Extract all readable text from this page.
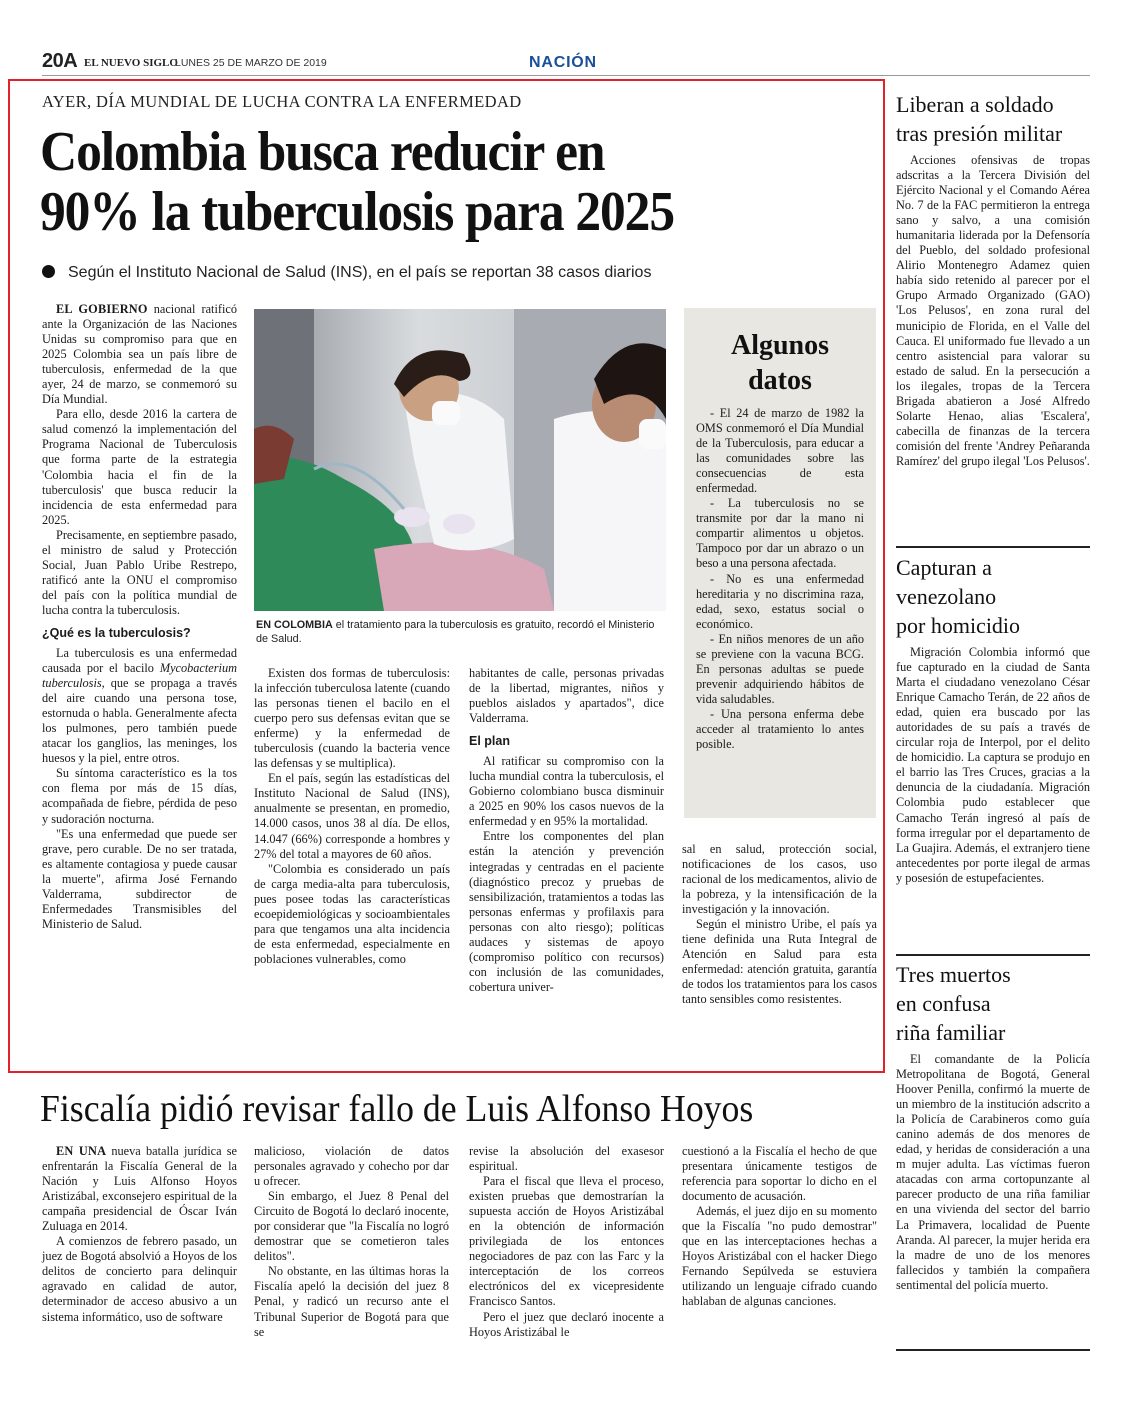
20A EL NUEVO SIGLO
LUNES 25 DE MARZO DE 2019	NACIÓN
AYER, DÍA MUNDIAL DE LUCHA CONTRA LA ENFERMEDAD
Colombia busca reducir en
90% la tuberculosis para 2025
Según el Instituto Nacional de Salud (INS), en el país se reportan 38 casos diarios

EL GOBIERNO nacional ratificó ante la Organización de las Naciones Unidas su compromiso para que en 2025 Colombia sea un país libre de tuberculosis, enfermedad de la que ayer, 24 de marzo, se conmemoró su Día Mundial.

Para ello, desde 2016 la cartera de salud comenzó la implementación del Programa Nacional de Tuberculosis que forma parte de la estrategia 'Colombia hacia el fin de la tuberculosis' que busca reducir la incidencia de esta enfermedad para 2025.

Precisamente, en septiembre pasado, el ministro de salud y Protección Social, Juan Pablo Uribe Restrepo, ratificó ante la ONU el compromiso del país con la política mundial de lucha contra la tuberculosis.

¿Qué es la tuberculosis?

La tuberculosis es una enfermedad causada por el bacilo Mycobacterium tuberculosis, que se propaga a través del aire cuando una persona tose, estornuda o habla. Generalmente afecta los pulmones, pero también puede atacar los ganglios, las meninges, los huesos y la piel, entre otros.

Su síntoma característico es la tos con flema por más de 15 días, acompañada de fiebre, pérdida de peso y sudoración nocturna.

"Es una enfermedad que puede ser grave, pero curable. De no ser tratada, es altamente contagiosa y puede causar la muerte", afirma José Fernando Valderrama, subdirector de Enfermedades Transmisibles del Ministerio de Salud.

EN COLOMBIA el tratamiento para la tuberculosis es gratuito, recordó el Ministerio de Salud.

Existen dos formas de tuberculosis: la infección tuberculosa latente (cuando las personas tienen el bacilo en el cuerpo pero sus defensas evitan que se enferme) y la enfermedad de tuberculosis (cuando la bacteria vence las defensas y se multiplica).

En el país, según las estadísticas del Instituto Nacional de Salud (INS), anualmente se presentan, en promedio, 14.000 casos, unos 38 al día. De ellos, 14.047 (66%) corresponde a hombres y 27% del total a mayores de 60 años.

"Colombia es considerado un país de carga media-alta para tuberculosis, pues posee todas las características ecoepidemiológicas y socioambientales para que tengamos una alta incidencia de esta enfermedad, especialmente en poblaciones vulnerables, como

habitantes de calle, personas privadas de la libertad, migrantes, niños y pueblos aislados y apartados", dice Valderrama.

El plan

Al ratificar su compromiso con la lucha mundial contra la tuberculosis, el Gobierno colombiano busca disminuir a 2025 en 90% los casos nuevos de la enfermedad y en 95% la mortalidad.

Entre los componentes del plan están la atención y prevención integradas y centradas en el paciente (diagnóstico precoz y pruebas de sensibilización, tratamientos a todas las personas enfermas y profilaxis para personas con alto riesgo); políticas audaces y sistemas de apoyo (compromiso político con recursos) con inclusión de las comunidades, cobertura univer-

Algunos
datos

- El 24 de marzo de 1982 la OMS conmemoró el Día Mundial de la Tuberculosis, para educar a las comunidades sobre las consecuencias de esta enfermedad.

- La tuberculosis no se transmite por dar la mano ni compartir alimentos u objetos. Tampoco por dar un abrazo o un beso a una persona afectada.

- No es una enfermedad hereditaria y no discrimina raza, edad, sexo, estatus social o económico.

- En niños menores de un año se previene con la vacuna BCG. En personas adultas se puede prevenir adquiriendo hábitos de vida saludables.

- Una persona enferma debe acceder al tratamiento lo antes posible.

sal en salud, protección social, notificaciones de los casos, uso racional de los medicamentos, alivio de la pobreza, y la intensificación de la investigación y la innovación.

Según el ministro Uribe, el país ya tiene definida una Ruta Integral de Atención en Salud para esta enfermedad: atención gratuita, garantía de todos los tratamientos para los casos tanto sensibles como resistentes.

Liberan a soldado
tras presión militar

Acciones ofensivas de tropas adscritas a la Tercera División del Ejército Nacional y el Comando Aérea No. 7 de la FAC permitieron la entrega sano y salvo, a una comisión humanitaria liderada por la Defensoría del Pueblo, del soldado profesional Alirio Montenegro Adamez quien había sido retenido al parecer por el Grupo Armado Organizado (GAO) 'Los Pelusos', en zona rural del municipio de Florida, en el Valle del Cauca. El uniformado fue llevado a un centro asistencial para valorar su estado de salud. En la persecución a los ilegales, tropas de la Tercera Brigada abatieron a José Alfredo Solarte Henao, alias 'Escalera', cabecilla de finanzas de la tercera comisión del frente 'Andrey Peñaranda Ramírez' del grupo ilegal 'Los Pelusos'.

Capturan a
venezolano
por homicidio

Migración Colombia informó que fue capturado en la ciudad de Santa Marta el ciudadano venezolano César Enrique Camacho Terán, de 22 años de edad, quien era buscado por las autoridades de su país a través de circular roja de Interpol, por el delito de homicidio. La captura se produjo en el barrio las Tres Cruces, gracias a la denuncia de la ciudadanía. Migración Colombia pudo establecer que Camacho Terán ingresó al país de forma irregular por el departamento de La Guajira. Además, el extranjero tiene antecedentes por porte ilegal de armas y posesión de estupefacientes.

Tres muertos
en confusa
riña familiar

El comandante de la Policía Metropolitana de Bogotá, General Hoover Penilla, confirmó la muerte de un miembro de la institución adscrito a la Policía de Carabineros como guía canino además de dos menores de edad, y heridas de consideración a una m mujer adulta. Las víctimas fueron atacadas con arma cortopunzante al parecer producto de una riña familiar en una vivienda del sector del barrio La Primavera, localidad de Puente Aranda. Al parecer, la mujer herida era la madre de uno de los menores fallecidos y también la compañera sentimental del policía muerto.

Fiscalía pidió revisar fallo de Luis Alfonso Hoyos

EN UNA nueva batalla jurídica se enfrentarán la Fiscalía General de la Nación y Luis Alfonso Hoyos Aristizábal, exconsejero espiritual de la campaña presidencial de Óscar Iván Zuluaga en 2014.

A comienzos de febrero pasado, un juez de Bogotá absolvió a Hoyos de los delitos de concierto para delinquir agravado en calidad de autor, determinador de acceso abusivo a un sistema informático, uso de software

malicioso, violación de datos personales agravado y cohecho por dar u ofrecer.

Sin embargo, el Juez 8 Penal del Circuito de Bogotá lo declaró inocente, por considerar que "la Fiscalía no logró demostrar que se cometieron tales delitos".

No obstante, en las últimas horas la Fiscalía apeló la decisión del juez 8 Penal, y radicó un recurso ante el Tribunal Superior de Bogotá para que se

revise la absolución del exasesor espiritual.

Para el fiscal que lleva el proceso, existen pruebas que demostrarían la supuesta acción de Hoyos Aristizábal en la obtención de información privilegiada de los entonces negociadores de paz con las Farc y la interceptación de los correos electrónicos del ex vicepresidente Francisco Santos.

Pero el juez que declaró inocente a Hoyos Aristizábal le

cuestionó a la Fiscalía el hecho de que presentara únicamente testigos de referencia para soportar lo dicho en el documento de acusación.

Además, el juez dijo en su momento que la Fiscalía "no pudo demostrar" que en las interceptaciones hechas a Hoyos Aristizábal con el hacker Diego Fernando Sepúlveda se estuviera utilizando un lenguaje cifrado cuando hablaban de algunas canciones.
